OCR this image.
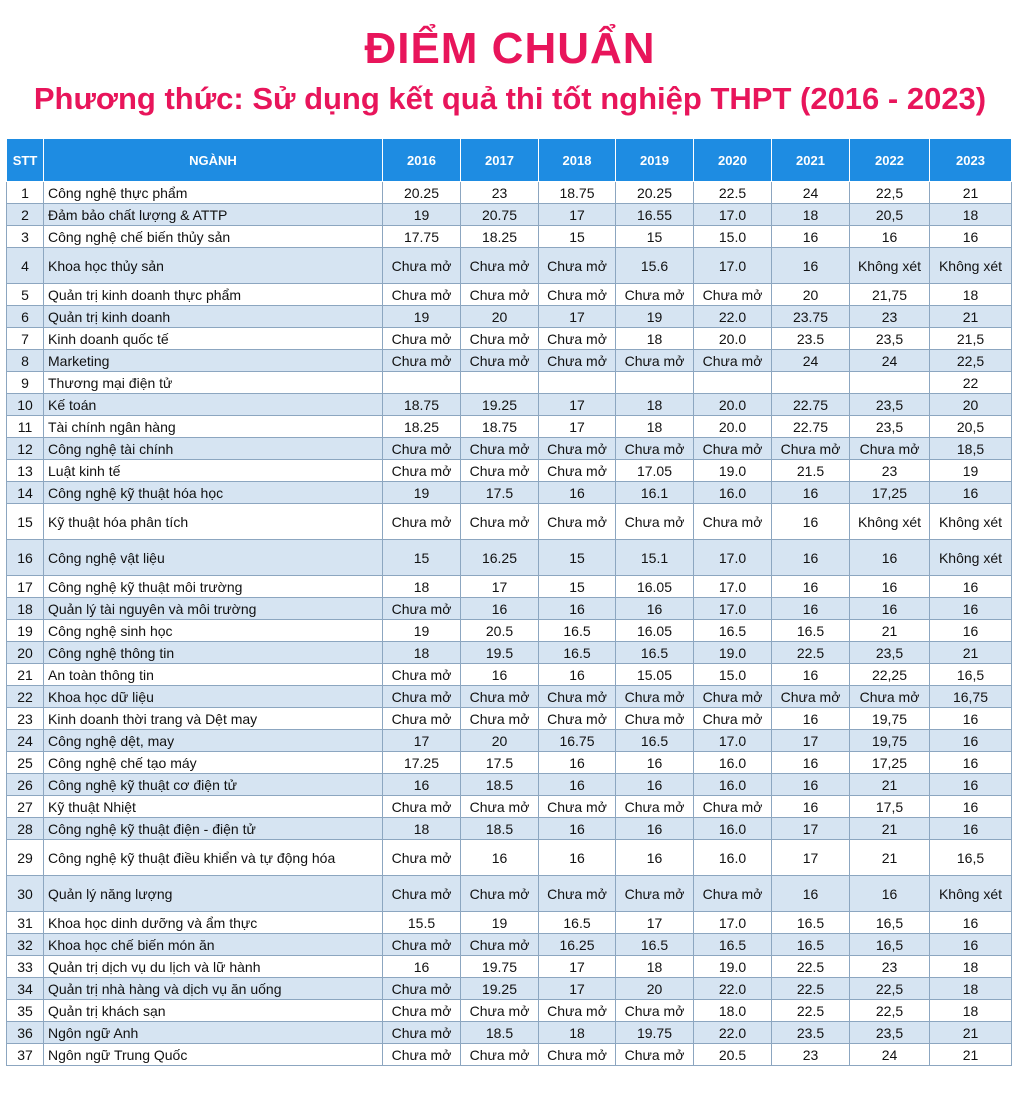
ĐIỂM CHUẨN
Phương thức: Sử dụng kết quả thi tốt nghiệp THPT (2016 - 2023)
STT	NGÀNH	2016	2017	2018	2019	2020	2021	2022	2023
1	Công nghệ thực phẩm	20.25	23	18.75	20.25	22.5	24	22,5	21
2	Đảm bảo chất lượng & ATTP	19	20.75	17	16.55	17.0	18	20,5	18
3	Công nghệ chế biến thủy sản	17.75	18.25	15	15	15.0	16	16	16
4	Khoa học thủy sản	Chưa mở	Chưa mở	Chưa mở	15.6	17.0	16	Không xét	Không xét
5	Quản trị kinh doanh thực phẩm	Chưa mở	Chưa mở	Chưa mở	Chưa mở	Chưa mở	20	21,75	18
6	Quản trị kinh doanh	19	20	17	19	22.0	23.75	23	21
7	Kinh doanh quốc tế	Chưa mở	Chưa mở	Chưa mở	18	20.0	23.5	23,5	21,5
8	Marketing	Chưa mở	Chưa mở	Chưa mở	Chưa mở	Chưa mở	24	24	22,5
9	Thương mại điện tử								22
10	Kế toán	18.75	19.25	17	18	20.0	22.75	23,5	20
11	Tài chính ngân hàng	18.25	18.75	17	18	20.0	22.75	23,5	20,5
12	Công nghệ tài chính	Chưa mở	Chưa mở	Chưa mở	Chưa mở	Chưa mở	Chưa mở	Chưa mở	18,5
13	Luật kinh tế	Chưa mở	Chưa mở	Chưa mở	17.05	19.0	21.5	23	19
14	Công nghệ kỹ thuật hóa học	19	17.5	16	16.1	16.0	16	17,25	16
15	Kỹ thuật hóa phân tích	Chưa mở	Chưa mở	Chưa mở	Chưa mở	Chưa mở	16	Không xét	Không xét
16	Công nghệ vật liệu	15	16.25	15	15.1	17.0	16	16	Không xét
17	Công nghệ kỹ thuật môi trường	18	17	15	16.05	17.0	16	16	16
18	Quản lý tài nguyên và môi trường	Chưa mở	16	16	16	17.0	16	16	16
19	Công nghệ sinh học	19	20.5	16.5	16.05	16.5	16.5	21	16
20	Công nghệ thông tin	18	19.5	16.5	16.5	19.0	22.5	23,5	21
21	An toàn thông tin	Chưa mở	16	16	15.05	15.0	16	22,25	16,5
22	Khoa học dữ liệu	Chưa mở	Chưa mở	Chưa mở	Chưa mở	Chưa mở	Chưa mở	Chưa mở	16,75
23	Kinh doanh thời trang và Dệt may	Chưa mở	Chưa mở	Chưa mở	Chưa mở	Chưa mở	16	19,75	16
24	Công nghệ dệt, may	17	20	16.75	16.5	17.0	17	19,75	16
25	Công nghệ chế tạo máy	17.25	17.5	16	16	16.0	16	17,25	16
26	Công nghệ kỹ thuật cơ điện tử	16	18.5	16	16	16.0	16	21	16
27	Kỹ thuật Nhiệt	Chưa mở	Chưa mở	Chưa mở	Chưa mở	Chưa mở	16	17,5	16
28	Công nghệ kỹ thuật điện - điện tử	18	18.5	16	16	16.0	17	21	16
29	Công nghệ kỹ thuật điều khiển và tự động hóa	Chưa mở	16	16	16	16.0	17	21	16,5
30	Quản lý năng lượng	Chưa mở	Chưa mở	Chưa mở	Chưa mở	Chưa mở	16	16	Không xét
31	Khoa học dinh dưỡng và ẩm thực	15.5	19	16.5	17	17.0	16.5	16,5	16
32	Khoa học chế biến món ăn	Chưa mở	Chưa mở	16.25	16.5	16.5	16.5	16,5	16
33	Quản trị dịch vụ du lịch và lữ hành	16	19.75	17	18	19.0	22.5	23	18
34	Quản trị nhà hàng và dịch vụ ăn uống	Chưa mở	19.25	17	20	22.0	22.5	22,5	18
35	Quản trị khách sạn	Chưa mở	Chưa mở	Chưa mở	Chưa mở	18.0	22.5	22,5	18
36	Ngôn ngữ Anh	Chưa mở	18.5	18	19.75	22.0	23.5	23,5	21
37	Ngôn ngữ Trung Quốc	Chưa mở	Chưa mở	Chưa mở	Chưa mở	20.5	23	24	21
